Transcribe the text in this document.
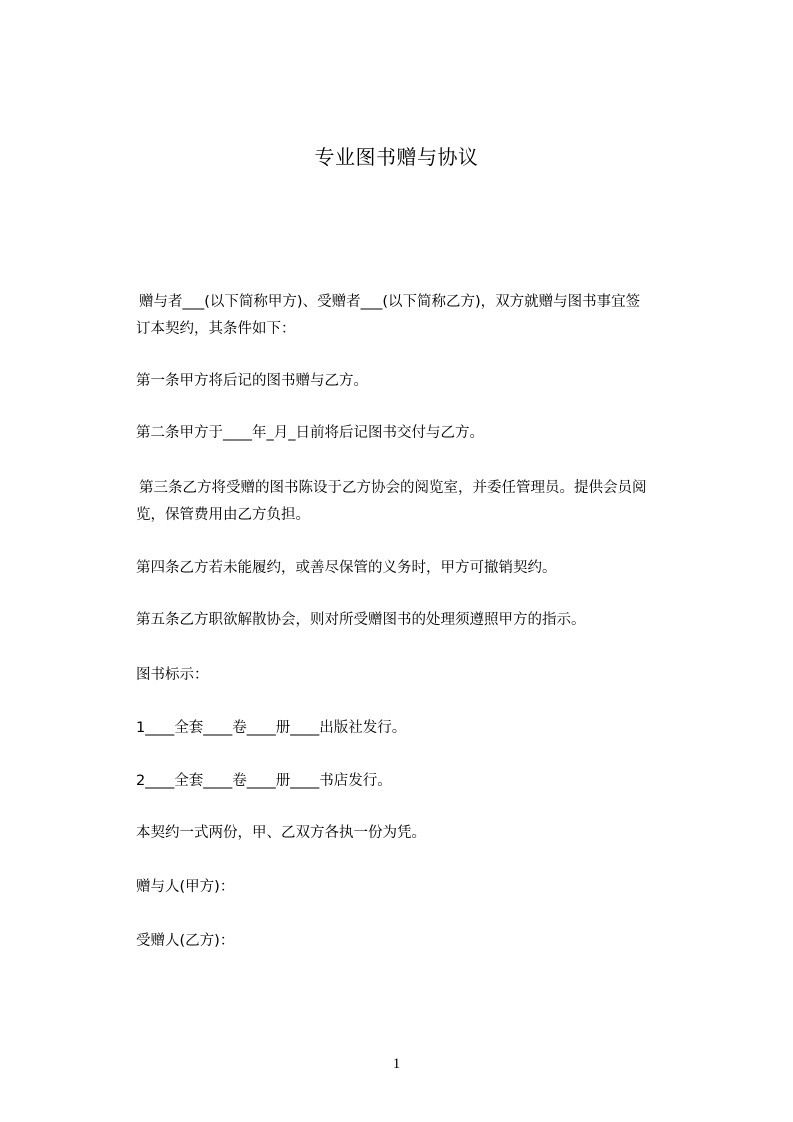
专业图书赠与协议
赠与者___(以下简称甲方)、受赠者___(以下简称乙方)，双方就赠与图书事宜签
订本契约，其条件如下：
第一条甲方将后记的图书赠与乙方。
第二条甲方于____年_月_日前将后记图书交付与乙方。
第三条乙方将受赠的图书陈设于乙方协会的阅览室，并委任管理员。提供会员阅
览，保管费用由乙方负担。
第四条乙方若未能履约，或善尽保管的义务时，甲方可撤销契约。
第五条乙方职欲解散协会，则对所受赠图书的处理须遵照甲方的指示。
图书标示：
1____全套____卷____册____出版社发行。
2____全套____卷____册____书店发行。
本契约一式两份，甲、乙双方各执一份为凭。
赠与人(甲方)：
受赠人(乙方)：
1
